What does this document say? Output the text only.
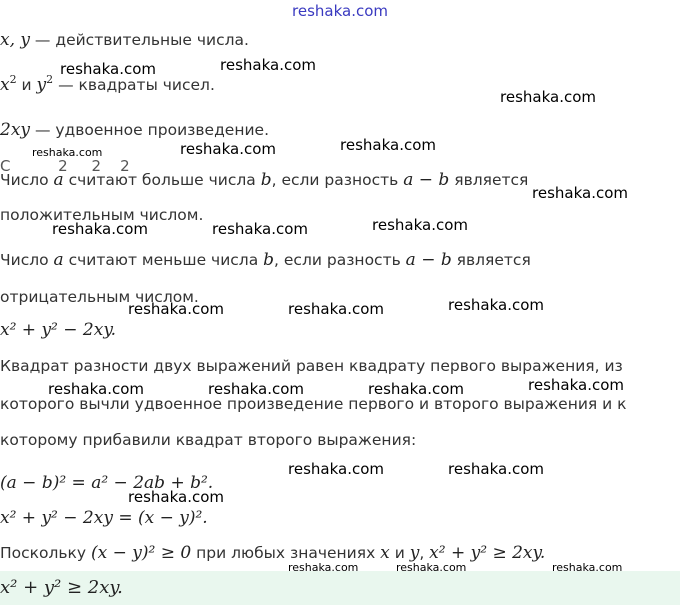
x, y — действительные числа.
$x^2$ и $y^2$ — квадраты чисел.
2xy — удвоенное произведение.
С          2     2    2
Число a считают больше числа b, если разность a − b является
положительным числом.
Число a считают меньше числа b, если разность a − b является
отрицательным числом.
x² + y² − 2xy.
Квадрат разности двух выражений равен квадрату первого выражения, из
которого вычли удвоенное произведение первого и второго выражения и к
которому прибавили квадрат второго выражения:
(a − b)² = a² − 2ab + b².
x² + y² − 2xy = (x − y)².
Поскольку (x − y)² ≥ 0 при любых значениях x и y, x² + y² ≥ 2xy.
x² + y² ≥ 2xy.
reshaka.com
reshaka.com	reshaka.com
reshaka.com
reshaka.com	reshaka.com	reshaka.com
reshaka.com
reshaka.com	reshaka.com	reshaka.com
reshaka.com	reshaka.com	reshaka.com
reshaka.com	reshaka.com	reshaka.com	reshaka.com
reshaka.com	reshaka.com
reshaka.com
reshaka.com	reshaka.com	reshaka.com
